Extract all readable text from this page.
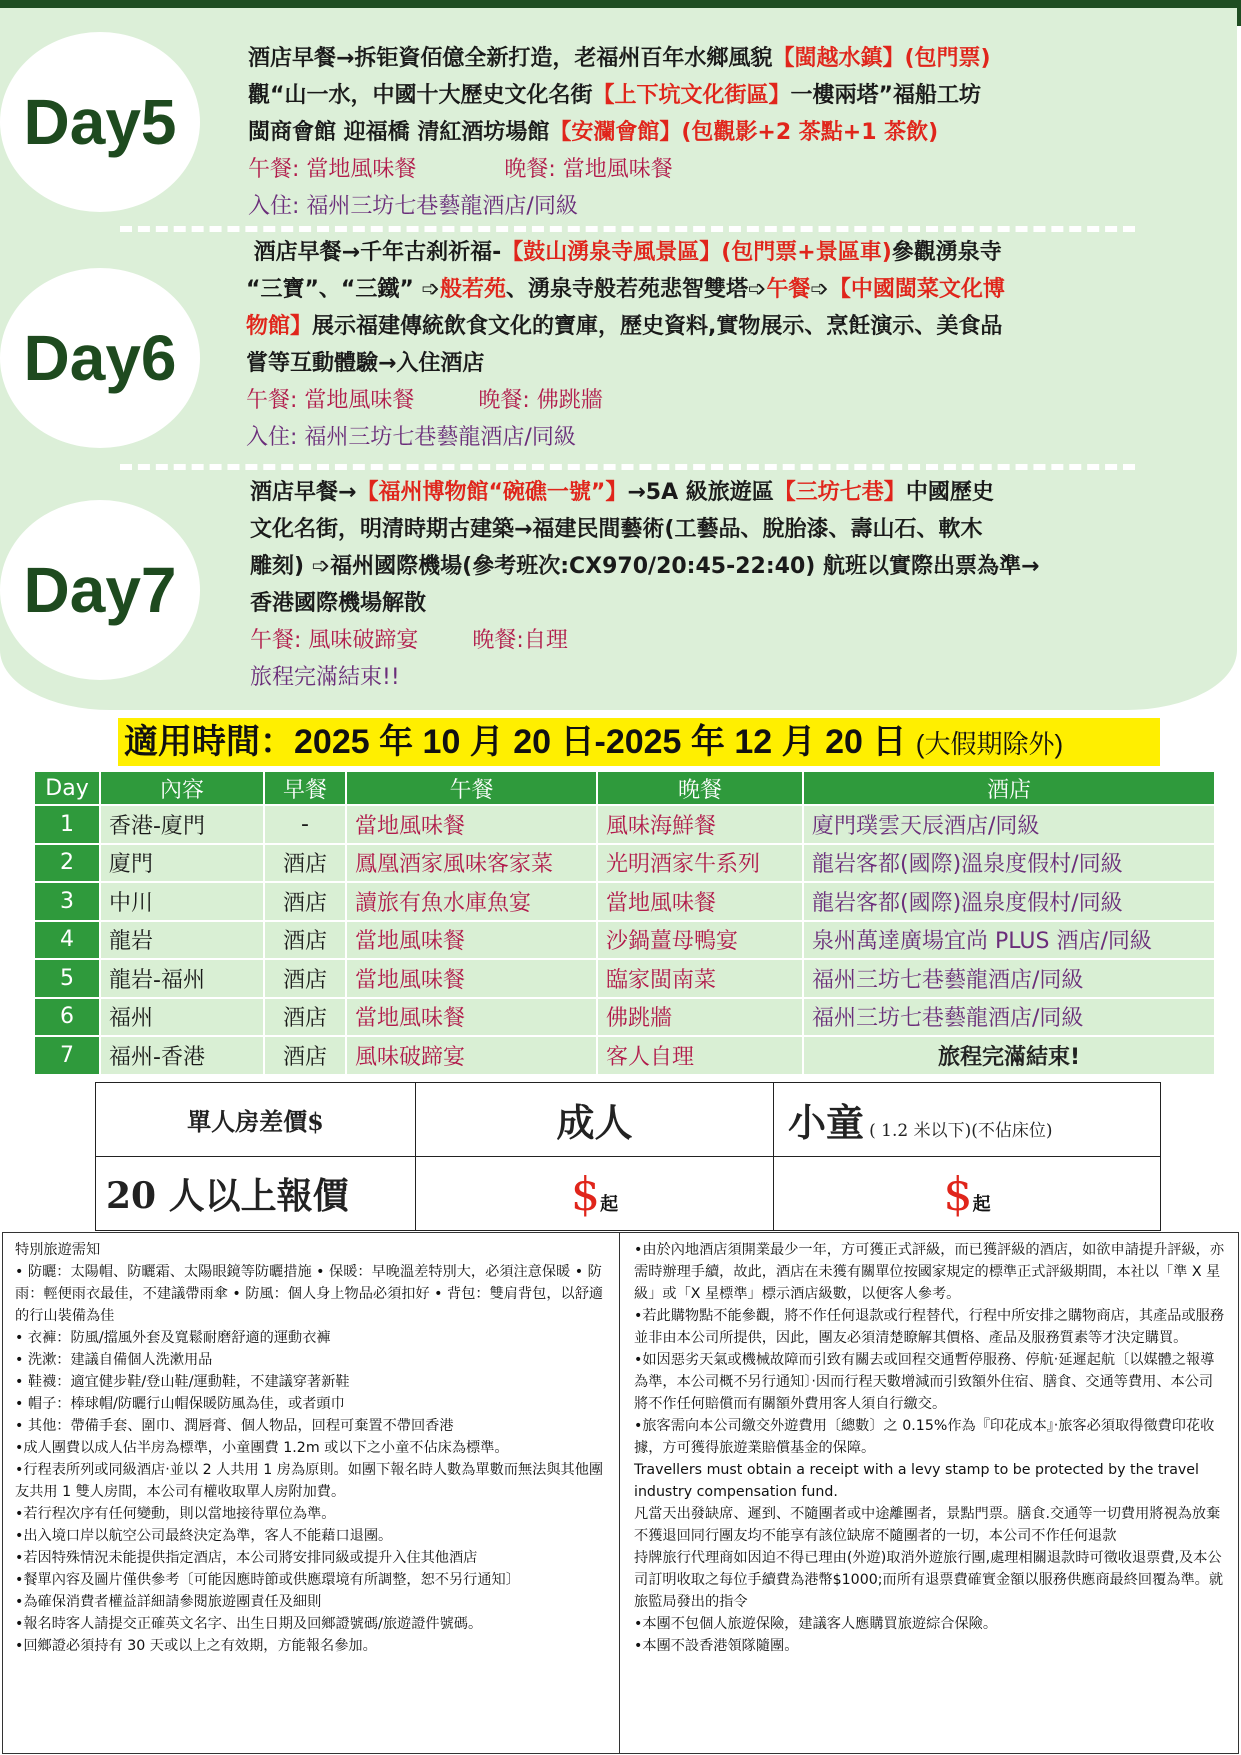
Day5
酒店早餐→拆钜資佰億全新打造，老福州百年水鄉風貌【閩越水鎮】(包門票)
觀“山一水，中國十大歷史文化名街【上下坑文化街區】一樓兩塔”福船工坊
閩商會館 迎福橋 清紅酒坊場館【安瀾會館】(包觀影+2 茶點+1 茶飲)
午餐: 當地風味餐	晚餐: 當地風味餐
入住: 福州三坊七巷藝龍酒店/同級
Day6
酒店早餐→千年古刹祈福-【鼓山湧泉寺風景區】(包門票+景區車)參觀湧泉寺
“三寶”、“三鐵” ➩般若苑、湧泉寺般若苑悲智雙塔➩午餐➩【中國閩菜文化博
物館】展示福建傳統飲食文化的寶庫，歷史資料,實物展示、烹飪演示、美食品
嘗等互動體驗→入住酒店
午餐: 當地風味餐	晚餐: 佛跳牆
入住: 福州三坊七巷藝龍酒店/同級
Day7
酒店早餐→【福州博物館“碗礁一號”】→5A 級旅遊區【三坊七巷】中國歷史
文化名街，明清時期古建築→福建民間藝術(工藝品、脫胎漆、壽山石、軟木
雕刻) ➩福州國際機場(參考班次:CX970/20:45-22:40) 航班以實際出票為準→
香港國際機場解散
午餐: 風味破蹄宴 晚餐:自理
旅程完滿結束!!
適用時間：2025 年 10 月 20 日-2025 年 12 月 20 日 (大假期除外)
Day	內容	早餐	午餐	晚餐	酒店
1	香港-廈門	-	當地風味餐	風味海鮮餐	廈門璞雲天辰酒店/同級
2	廈門	酒店	鳳凰酒家風味客家菜	光明酒家牛系列	龍岩客都(國際)溫泉度假村/同級
3	中川	酒店	讀旅有魚水庫魚宴	當地風味餐	龍岩客都(國際)溫泉度假村/同級
4	龍岩	酒店	當地風味餐	沙鍋薑母鴨宴	泉州萬達廣場宜尚 PLUS 酒店/同級
5	龍岩-福州	酒店	當地風味餐	臨家閩南菜	福州三坊七巷藝龍酒店/同級
6	福州	酒店	當地風味餐	佛跳牆	福州三坊七巷藝龍酒店/同級
7	福州-香港	酒店	風味破蹄宴	客人自理	旅程完滿結束!
單人房差價$	成人	小童 ( 1.2 米以下)(不佔床位)
20 人以上報價	$起	$起

特別旅遊需知

• 防曬：太陽帽、防曬霜、太陽眼鏡等防曬措施 • 保暖：早晚溫差特別大，必須注意保暖 • 防雨：輕便雨衣最佳，不建議帶雨傘 • 防風：個人身上物品必須扣好 • 背包：雙肩背包，以舒適的行山裝備為佳

• 衣褲：防風/擋風外套及寬鬆耐磨舒適的運動衣褲

• 洗漱：建議自備個人洗漱用品

• 鞋襪：適宜健步鞋/登山鞋/運動鞋，不建議穿著新鞋

• 帽子：棒球帽/防曬行山帽保暖防風為佳，或者頭巾

• 其他：帶備手套、圍巾、潤唇膏、個人物品，回程可棄置不帶回香港

•成人團費以成人佔半房為標準，小童團費 1.2m 或以下之小童不佔床為標準。

•行程表所列或同級酒店‧並以 2 人共用 1 房為原則。如團下報名時人數為單數而無法與其他團友共用 1 雙人房間，本公司有權收取單人房附加費。

•若行程次序有任何變動，則以當地接待單位為準。

•出入境口岸以航空公司最終決定為準，客人不能藉口退團。

•若因特殊情況未能提供指定酒店，本公司將安排同級或提升入住其他酒店

•餐單內容及圖片僅供參考〔可能因應時節或供應環境有所調整，恕不另行通知〕

•為確保消費者權益詳細請參閱旅遊團責任及細則

•報名時客人請提交正確英文名字、出生日期及回鄉證號碼/旅遊證件號碼。

•回鄉證必須持有 30 天或以上之有效期，方能報名參加。

•由於內地酒店須開業最少一年，方可獲正式評級，而已獲評級的酒店，如欲申請提升評級，亦需時辦理手續，故此，酒店在未獲有關單位按國家規定的標準正式評級期間，本社以「準 X 星級」或「X 星標準」標示酒店級數，以便客人參考。

•若此購物點不能參觀，將不作任何退款或行程替代，行程中所安排之購物商店，其產品或服務並非由本公司所提供，因此，團友必須清楚瞭解其價格、產品及服務質素等才決定購買。

•如因惡劣天氣或機械故障而引致有關去或回程交通暫停服務、停航‧延遲起航〔以媒體之報導為準，本公司概不另行通知〕‧因而行程天數增減而引致額外住宿、膳食、交通等費用、本公司將不作任何賠償而有關額外費用客人須自行繳交。

•旅客需向本公司繳交外遊費用〔總數〕之 0.15%作為『印花成本』‧旅客必須取得徵費印花收據，方可獲得旅遊業賠償基金的保障。

Travellers must obtain a receipt with a levy stamp to be protected by the travel industry compensation fund.

凡當天出發缺席、遲到、不隨團者或中途離團者，景點門票。膳食.交通等一切費用將視為放棄不獲退回同行團友均不能享有該位缺席不隨團者的一切，本公司不作任何退款

持牌旅行代理商如因迫不得已理由(外遊)取消外遊旅行團,處理相關退款時可徵收退票費,及本公司訂明收取之每位手續費為港幣$1000;而所有退票費確實金額以服務供應商最終回覆為準。就旅監局發出的指令

•本團不包個人旅遊保險，建議客人應購買旅遊綜合保險。

•本團不設香港領隊隨團。
